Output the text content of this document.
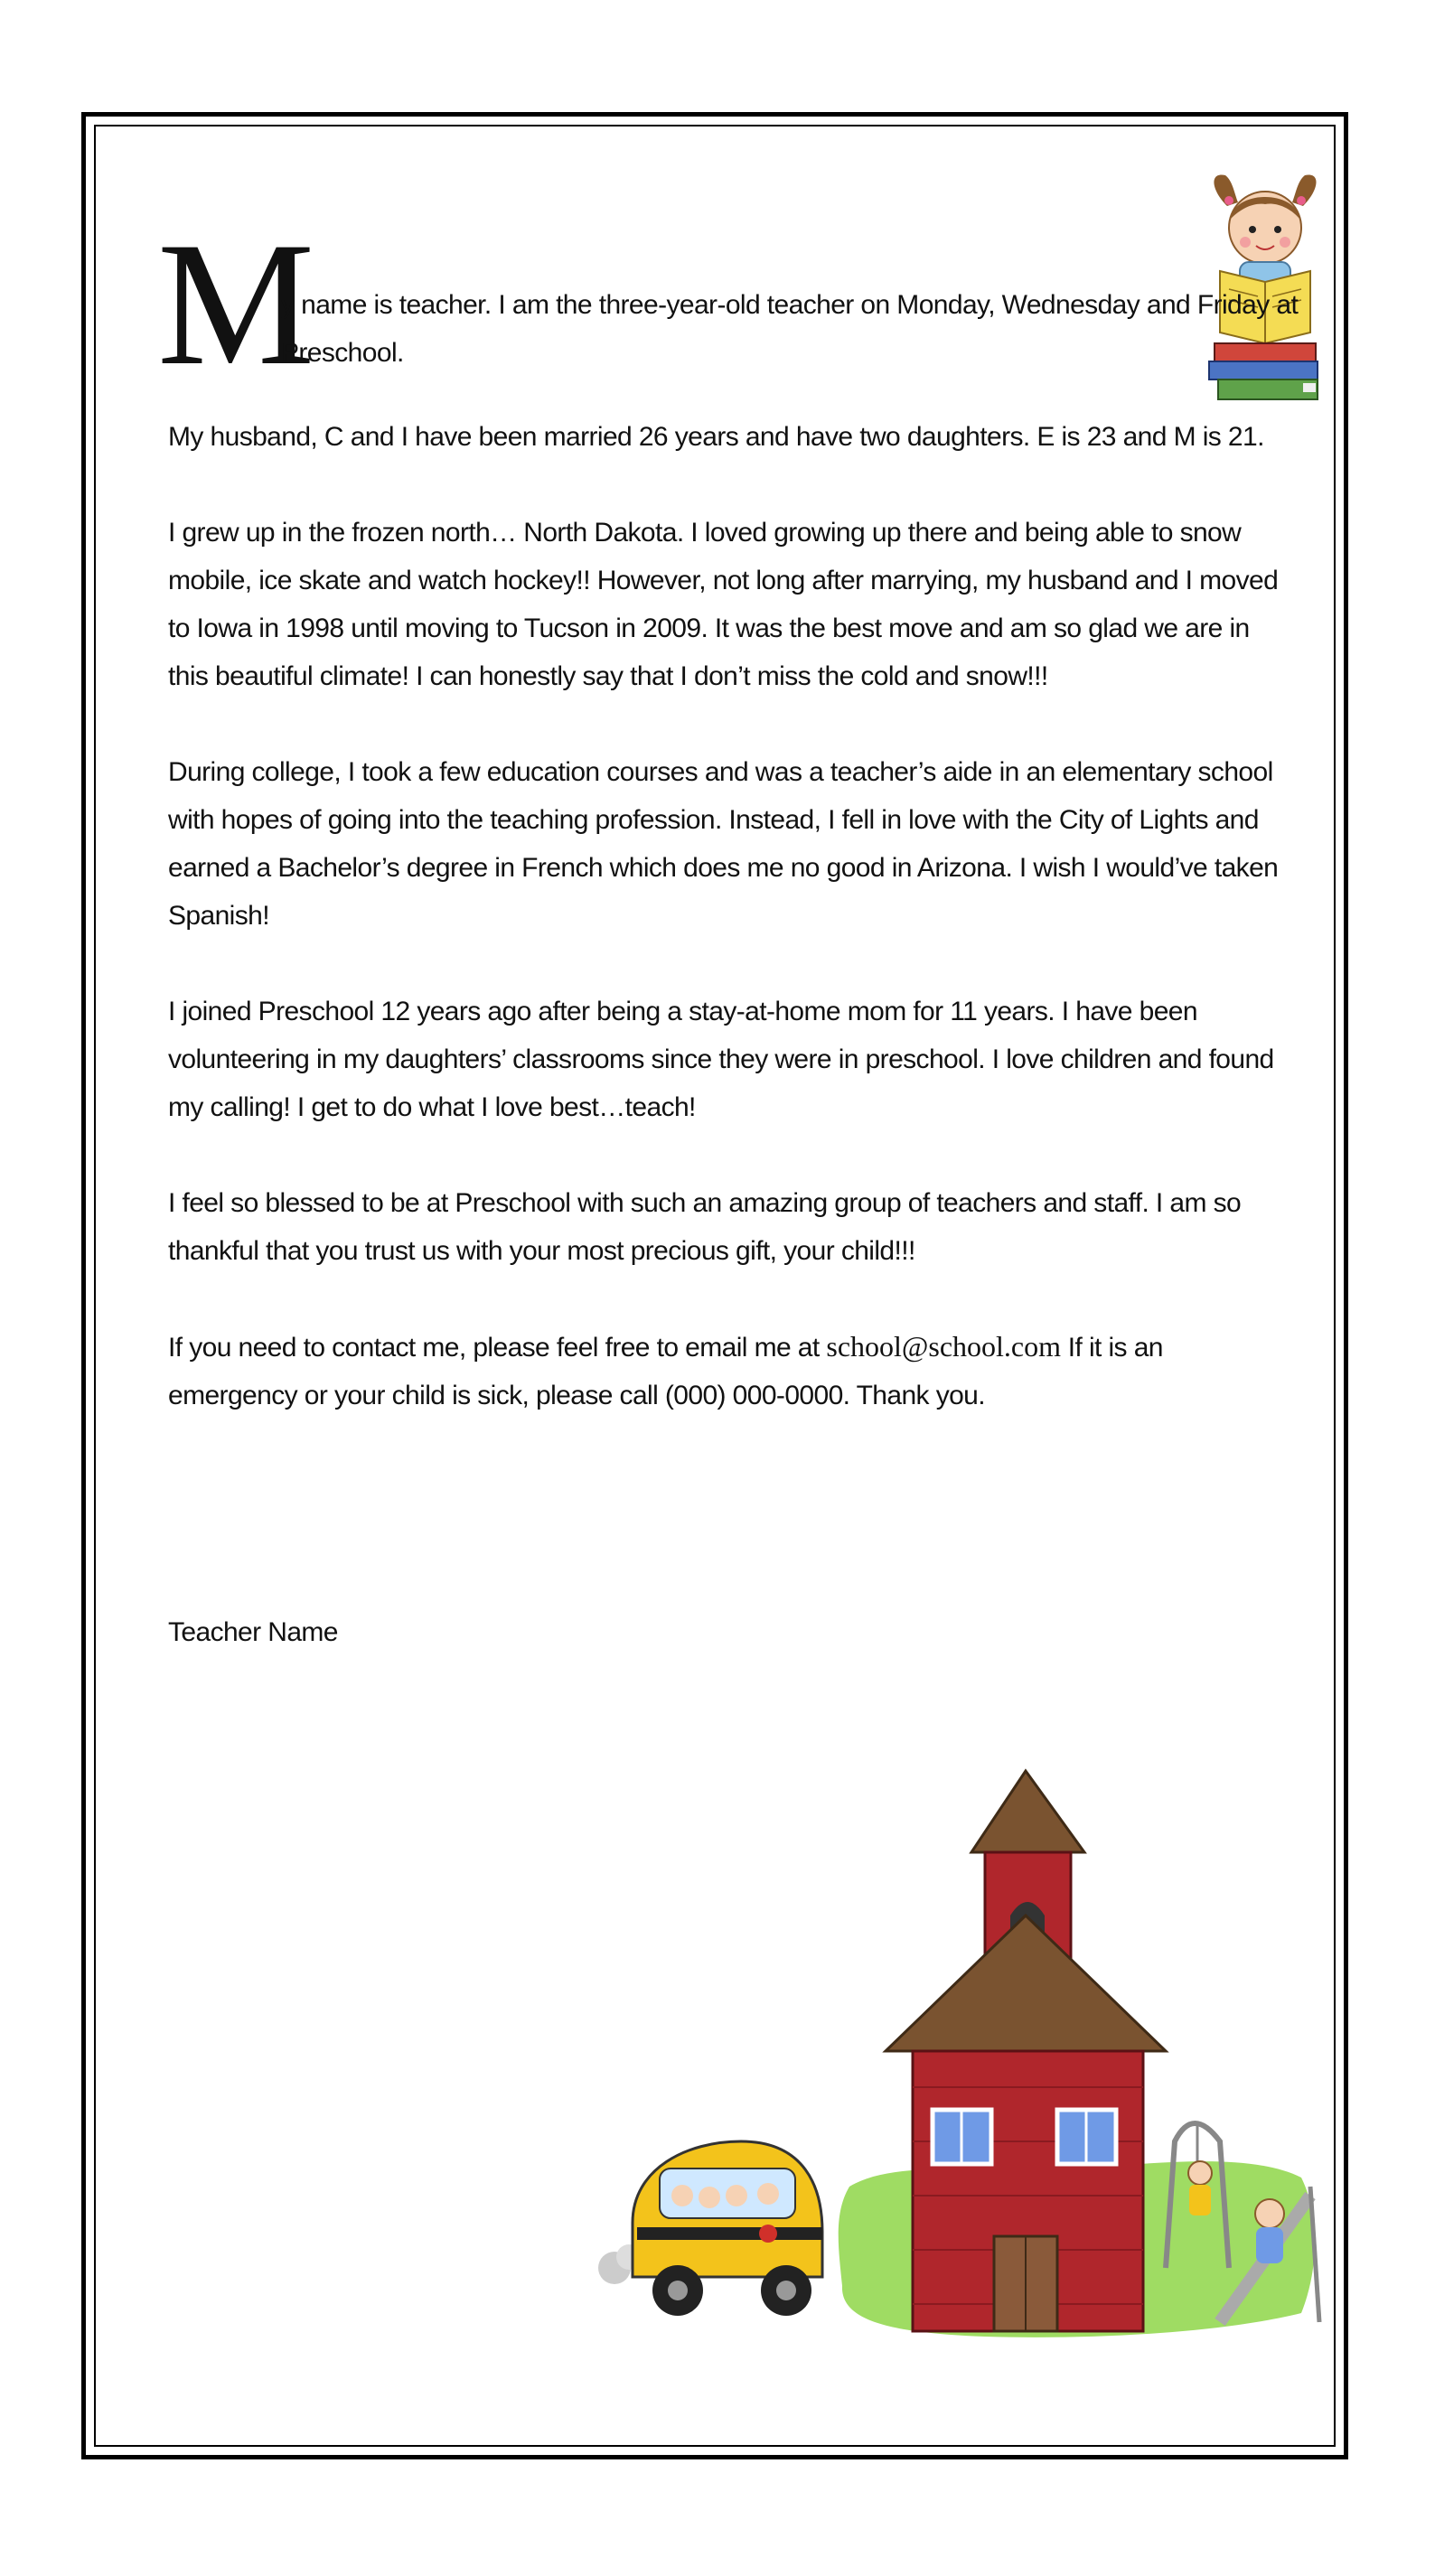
M
y name is teacher. I am the three-year-old teacher on Monday, Wednesday and Friday at Preschool.

My husband, C and I have been married 26 years and have two daughters. E is 23 and M is 21.

I grew up in the frozen north… North Dakota. I loved growing up there and being able to snow mobile, ice skate and watch hockey!! However, not long after marrying, my husband and I moved to Iowa in 1998 until moving to Tucson in 2009. It was the best move and am so glad we are in this beautiful climate! I can honestly say that I don’t miss the cold and snow!!!

During college, I took a few education courses and was a teacher’s aide in an elementary school with hopes of going into the teaching profession. Instead, I fell in love with the City of Lights and earned a Bachelor’s degree in French which does me no good in Arizona. I wish I would’ve taken Spanish!

I joined Preschool 12 years ago after being a stay-at-home mom for 11 years. I have been volunteering in my daughters’ classrooms since they were in preschool. I love children and found my calling! I get to do what I love best…teach!

I feel so blessed to be at Preschool with such an amazing group of teachers and staff. I am so thankful that you trust us with your most precious gift, your child!!!

If you need to contact me, please feel free to email me at school@school.com If it is an emergency or your child is sick, please call (000) 000-0000. Thank you.

Teacher Name
